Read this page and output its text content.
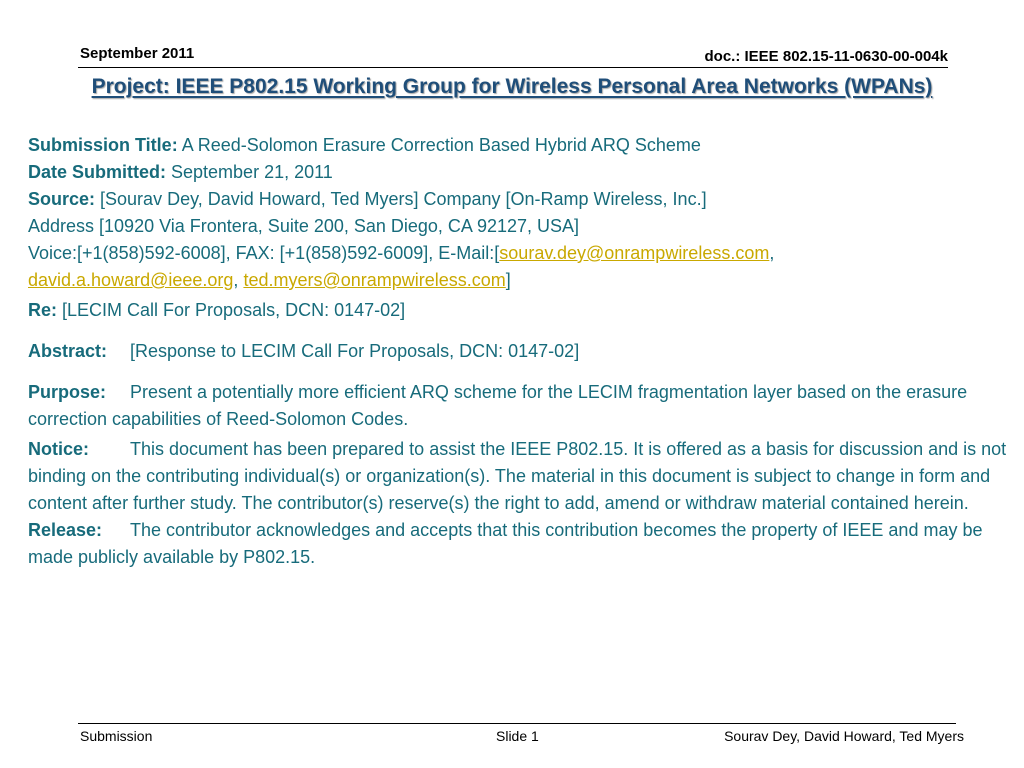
September 2011	doc.: IEEE 802.15-11-0630-00-004k
Project: IEEE P802.15 Working Group for Wireless Personal Area Networks (WPANs)

Submission Title: A Reed-Solomon Erasure Correction Based Hybrid ARQ Scheme

Date Submitted: September 21, 2011

Source: [Sourav Dey, David Howard, Ted Myers] Company [On-Ramp Wireless, Inc.]

Address [10920 Via Frontera, Suite 200, San Diego, CA 92127, USA]

Voice:[+1(858)592-6008], FAX: [+1(858)592-6009], E-Mail:[sourav.dey@onrampwireless.com,
david.a.howard@ieee.org, ted.myers@onrampwireless.com]

Re: [LECIM Call For Proposals, DCN: 0147-02]

Abstract: [Response to LECIM Call For Proposals, DCN: 0147-02]

Purpose: Present a potentially more efficient ARQ scheme for the LECIM fragmentation layer based on the erasure correction capabilities of Reed-Solomon Codes.

Notice: This document has been prepared to assist the IEEE P802.15. It is offered as a basis for discussion and is not binding on the contributing individual(s) or organization(s). The material in this document is subject to change in form and content after further study. The contributor(s) reserve(s) the right to add, amend or withdraw material contained herein.

Release: The contributor acknowledges and accepts that this contribution becomes the property of IEEE and may be made publicly available by P802.15.

Submission	Slide 1	Sourav Dey, David Howard, Ted Myers
